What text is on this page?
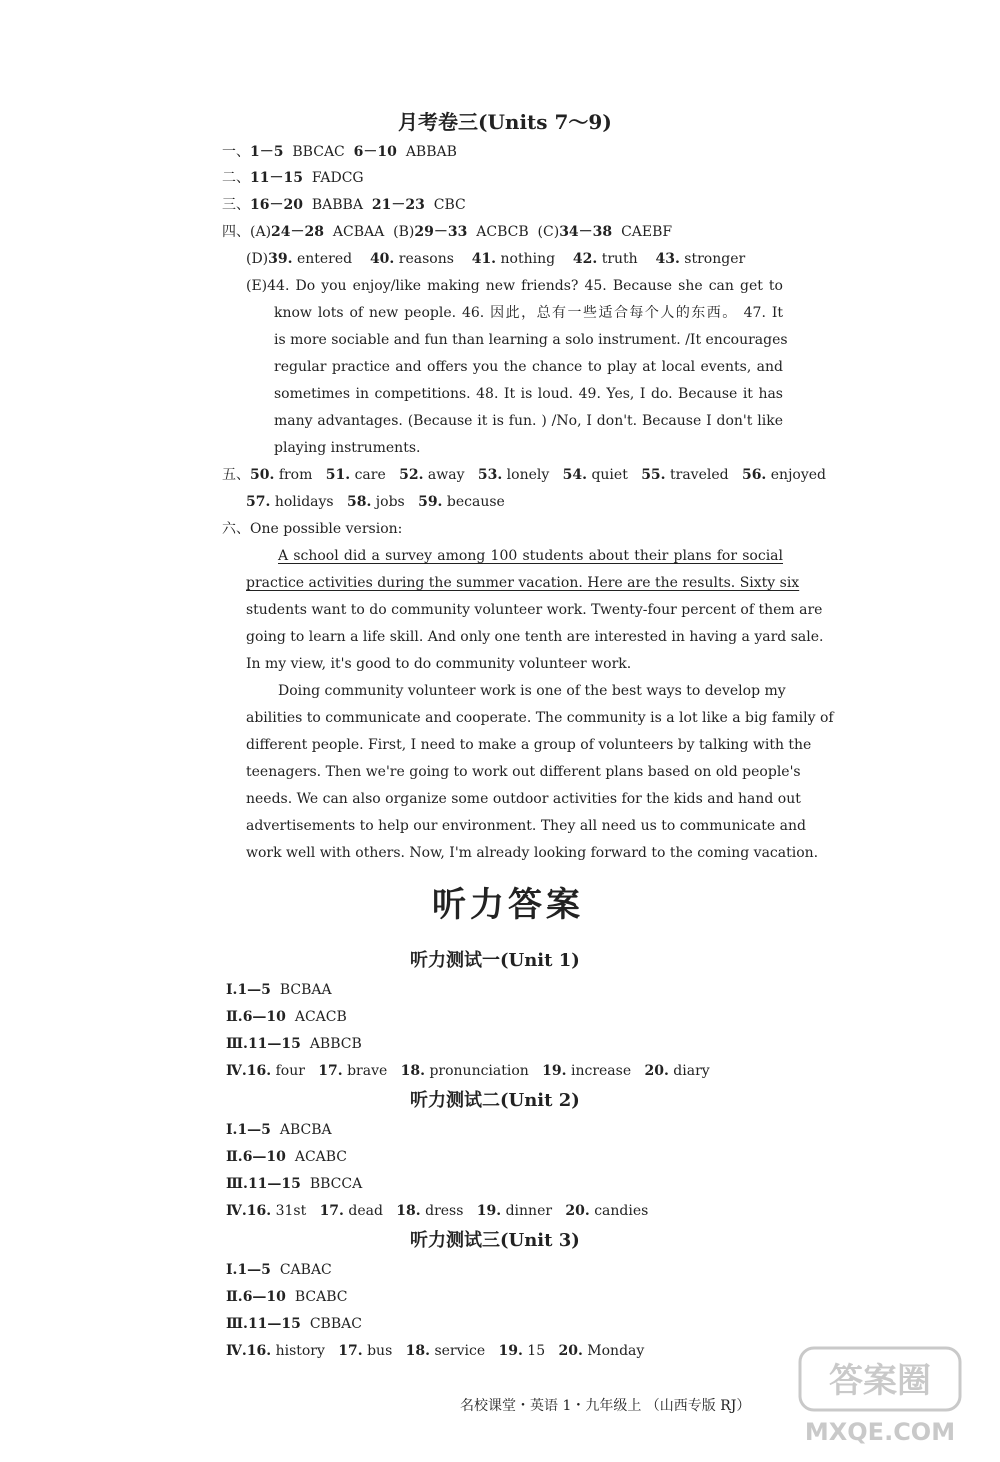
月考卷三(Units 7～9)
一、1－5 BBCAC 6－10 ABBAB
二、11－15 FADCG
三、16－20 BABBA 21－23 CBC
四、(A)24－28 ACBAA (B)29－33 ACBCB (C)34－38 CAEBF
(D)39. entered 40. reasons 41. nothing 42. truth 43. stronger
(E)44. Do you enjoy/like making new friends? 45. Because she can get to
know lots of new people. 46. 因此，总有一些适合每个人的东西。 47. It
is more sociable and fun than learning a solo instrument. /It encourages
regular practice and offers you the chance to play at local events, and
sometimes in competitions. 48. It is loud. 49. Yes, I do. Because it has
many advantages. (Because it is fun. ) /No, I don't. Because I don't like
playing instruments.
五、50. from 51. care 52. away 53. lonely 54. quiet 55. traveled 56. enjoyed
57. holidays 58. jobs 59. because
六、One possible version:
A school did a survey among 100 students about their plans for social
practice activities during the summer vacation. Here are the results. Sixty six
students want to do community volunteer work. Twenty-four percent of them are
going to learn a life skill. And only one tenth are interested in having a yard sale.
In my view, it's good to do community volunteer work.
Doing community volunteer work is one of the best ways to develop my
abilities to communicate and cooperate. The community is a lot like a big family of
different people. First, I need to make a group of volunteers by talking with the
teenagers. Then we're going to work out different plans based on old people's
needs. We can also organize some outdoor activities for the kids and hand out
advertisements to help our environment. They all need us to communicate and
work well with others. Now, I'm already looking forward to the coming vacation.
听力答案
听力测试一(Unit 1)
Ⅰ.1—5 BCBAA
Ⅱ.6—10 ACACB
Ⅲ.11—15 ABBCB
Ⅳ.16. four 17. brave 18. pronunciation 19. increase 20. diary
听力测试二(Unit 2)
Ⅰ.1—5 ABCBA
Ⅱ.6—10 ACABC
Ⅲ.11—15 BBCCA
Ⅳ.16. 31st 17. dead 18. dress 19. dinner 20. candies
听力测试三(Unit 3)
Ⅰ.1—5 CABAC
Ⅱ.6—10 BCABC
Ⅲ.11—15 CBBAC
Ⅳ.16. history 17. bus 18. service 19. 15 20. Monday
名校课堂・英语 1・九年级上 （山西专版 RJ）
答案圈
MXQE.COM
